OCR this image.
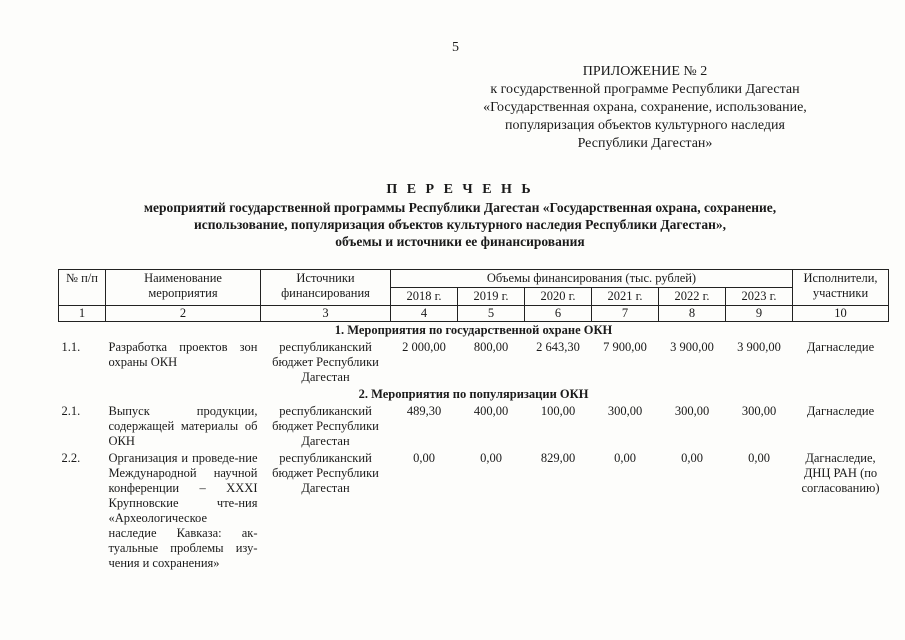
5
ПРИЛОЖЕНИЕ № 2
к государственной программе Республики Дагестан
«Государственная охрана, сохранение, использование,
популяризация объектов культурного наследия
Республики Дагестан»
П Е Р Е Ч Е Н Ь
мероприятий государственной программы Республики Дагестан «Государственная охрана, сохранение,
использование, популяризация объектов культурного наследия Республики Дагестан»,
объемы и источники ее финансирования
№ п/п	Наименование мероприятия	Источники финансирования	Объемы финансирования (тыс. рублей)						Исполнители, участники
			2018 г.	2019 г.	2020 г.	2021 г.	2022 г.	2023 г.	
1	2	3	4	5	6	7	8	9	10
1. Мероприятия по государственной охране ОКН									
1.1.	Разработка проектов зон охраны ОКН	республиканский бюджет Республики Дагестан	2 000,00	800,00	2 643,30	7 900,00	3 900,00	3 900,00	Дагнаследие
2. Мероприятия по популяризации ОКН									
2.1.	Выпуск продукции, содержащей материалы об ОКН	республиканский бюджет Республики Дагестан	489,30	400,00	100,00	300,00	300,00	300,00	Дагнаследие
2.2.	Организация и проведе-ние Международной научной конференции – XXXI Крупновские чте-ния «Археологическое наследие Кавказа: ак-туальные проблемы изу-чения и сохранения»	республиканский бюджет Республики Дагестан	0,00	0,00	829,00	0,00	0,00	0,00	Дагнаследие, ДНЦ РАН (по согласованию)
